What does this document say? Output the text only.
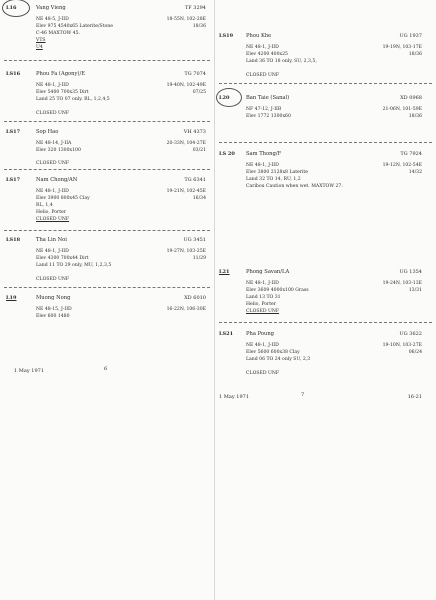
L16	Vang Vieng	TF 3294
NE 48-5, J-IID
Elev 975 4540x65 Laterite/Stone
C-46 MAXTOW 45.
VTS
U4
18-55N, 102-28E
18/36
LS16	Phou Fa (Agony)/E	TG 7074
NE 48-1, J-IID
Elev 5400 700x35 Dirt
Land 25 TO 07 only. RL, 1,2,4,5
CLOSED UNF
19-40N, 102-49E
07/25
LS17	Sop Hao	VH 4373
NE 48-14, J-IIA
Elev 320 1300x100
CLOSED UNF
20-33N, 104-27E
03/21
LS17	Nam Chong/AN	TG 6341
NE 48-1, J-IID
Elev 3900 800x45 Clay
RL, 1,4
Helio, Porter
CLOSED UNF
19-21N, 102-45E
16/34
LS18	Tha Lin Noi	UG 3451
NE 48-1, J-IID
Elev 4300 700x44 Dirt
Land 11 TO 29 only, MU, 1,2,3,5
CLOSED UNF
19-27N, 103-25E
11/29
L19	Muong Nong	XD 6010
NE 48-15, J-IID
Elev 600 1480
16-22N, 106-30E
1 May 1971	6
LS19 Phou Khe	UG 1937
NE 48-1, J-IID
Elev 4200 400x25
Land 36 TO 18 only, SU, 2,3,5,
CLOSED UNF
19-19N, 103-17E
18/36
L20	Ban Taie (Sanal)	XD 0968
NF 47-12, J-IIB
Elev 1772 1300x60
21-06N, 101-59E
18/36
LS 20 Sam Thong/F	TG 7924
NE 48-1, J-IID
Elev 3800 2128x8 Laterite
Land 32 TO 14, RU, 1,2
Caribou Caution when wet. MAXTOW 27.
19-12N, 102-54E
14/32
L21	Phong Savan/LA	UG 1354
NE 48-1, J-IID
Elev 3609 4000x100 Grass
Land 13 TO 31
Helio, Porter
CLOSED UNF
19-24N, 103-13E
13/31
LS21 Pha Poung	UG 3622
NE 48-1, J-IID
Elev 5600 600x38 Clay
Land 06 TO 24 only SU, 2,3
CLOSED UNF
19-10N, 103-27E
06/24
1 May 1971	7	16-21
